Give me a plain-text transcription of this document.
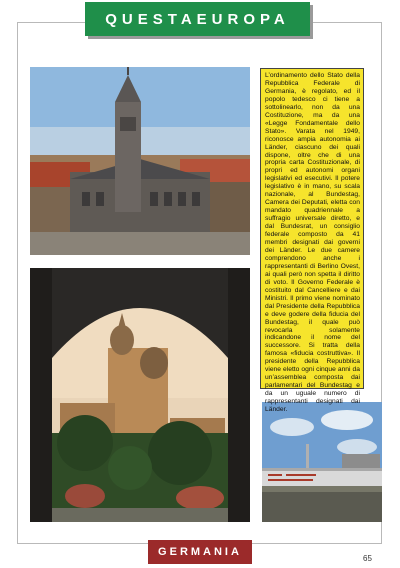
QUESTAEUROPA
L’ordinamento dello Stato della Repubblica Federale di Germania, è regolato, ed il popolo tedesco ci tiene a sottolinearlo, non da una Costituzione, ma da una «Legge Fondamentale dello Stato». Varata nel 1949, riconosce ampia autonomia ai Länder, ciascuno dei quali dispone, oltre che di una propria carta Costituzionale, di propri ed autonomi organi legislativi ed esecutivi. Il potere legislativo è in mano, su scala nazionale, al Bundestag, Camera dei Deputati, eletta con mandato quadriennale a suffragio universale diretto, e dal Bundesrat, un consiglio federale composto da 41 membri designati dai governi dei Länder. Le due camere comprendono anche i rappresentanti di Berlino Ovest, ai quali però non spetta il diritto di voto. Il Governo Federale è costituito dal Cancelliere e dai Ministri. Il primo viene nominato dal Presidente della Repubblica e deve godere della fiducia del Bundestag, il quale può revocarla solamente indicandone il nome del successore. Si tratta della famosa «fiducia costruttiva». Il presidente della Repubblica viene eletto ogni cinque anni da un’assemblea composta dai parlamentari del Bundestag e da un uguale numero di rappresentanti designati dai Länder.
GERMANIA
65
